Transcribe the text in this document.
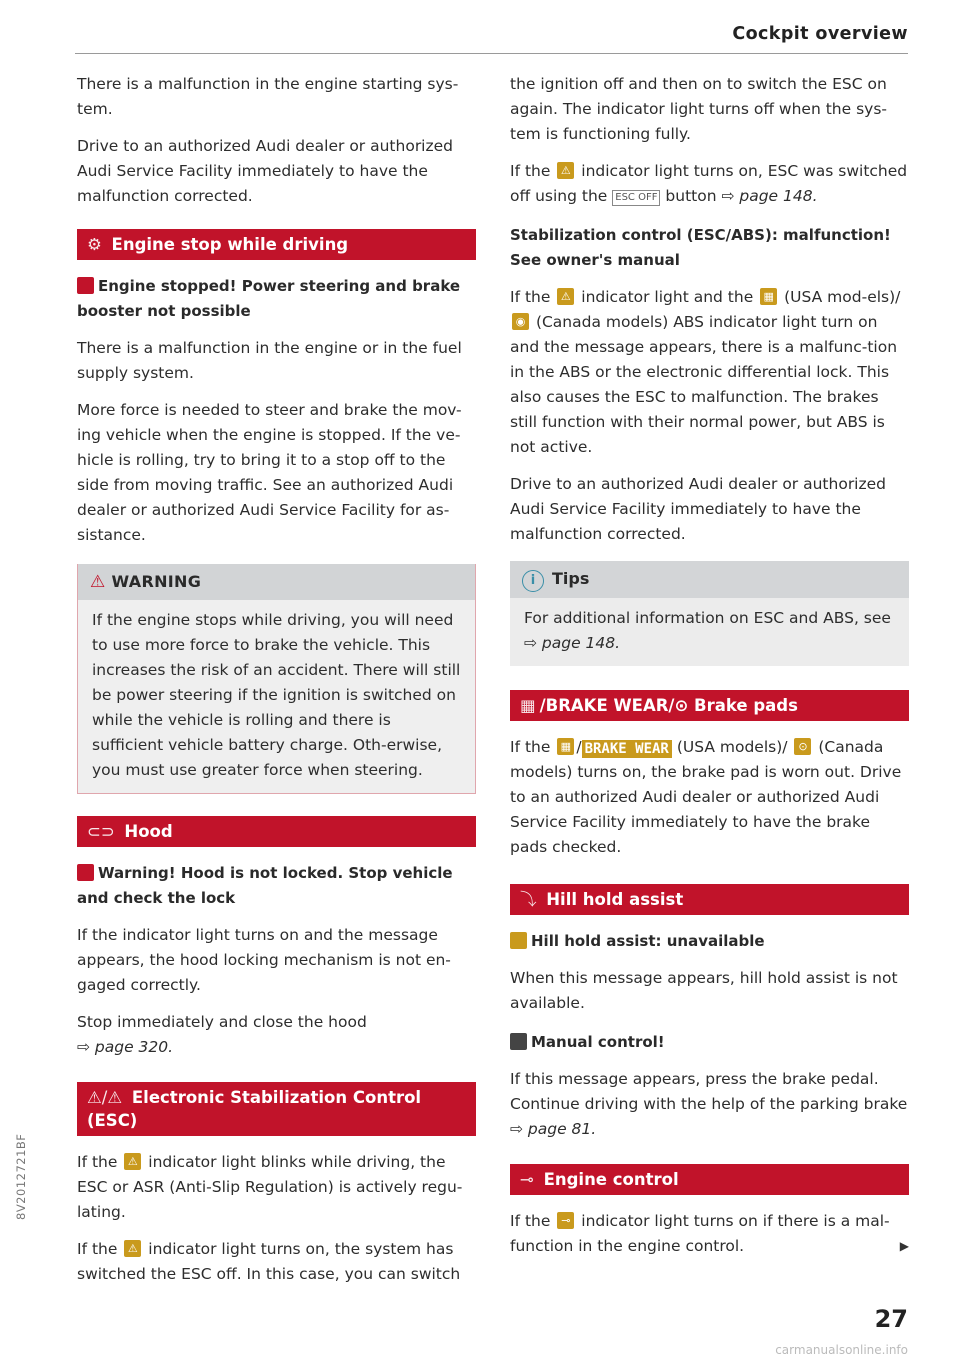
Cockpit overview

There is a malfunction in the engine starting sys-tem.

Drive to an authorized Audi dealer or authorized Audi Service Facility immediately to have the malfunction corrected.

⚙ Engine stop while driving
Engine stopped! Power steering and brake booster not possible

There is a malfunction in the engine or in the fuel supply system.

More force is needed to steer and brake the mov-ing vehicle when the engine is stopped. If the ve-hicle is rolling, try to bring it to a stop off to the side from moving traffic. See an authorized Audi dealer or authorized Audi Service Facility for as-sistance.

⚠ WARNING

If the engine stops while driving, you will need to use more force to brake the vehicle. This increases the risk of an accident. There will still be power steering if the ignition is switched on while the vehicle is rolling and there is sufficient vehicle battery charge. Oth-erwise, you must use greater force when steering.

⊂⊃ Hood
Warning! Hood is not locked. Stop vehicle and check the lock

If the indicator light turns on and the message appears, the hood locking mechanism is not en-gaged correctly.

Stop immediately and close the hood
⇨ page 320.

⚠/⚠ Electronic Stabilization Control (ESC)

If the ⚠ indicator light blinks while driving, the ESC or ASR (Anti-Slip Regulation) is actively regu-lating.

If the ⚠ indicator light turns on, the system has switched the ESC off. In this case, you can switch

the ignition off and then on to switch the ESC on again. The indicator light turns off when the sys-tem is functioning fully.

If the ⚠ indicator light turns on, ESC was switched off using the ESC OFF button ⇨ page 148.

Stabilization control (ESC/ABS): malfunction! See owner's manual

If the ⚠ indicator light and the ▦ (USA mod-els)/
◉ (Canada models) ABS indicator light turn on and the message appears, there is a malfunc-tion in the ABS or the electronic differential lock. This also causes the ESC to malfunction. The brakes still function with their normal power, but ABS is not active.

Drive to an authorized Audi dealer or authorized Audi Service Facility immediately to have the malfunction corrected.

i Tips

For additional information on ESC and ABS, see ⇨ page 148.

▦ /BRAKE WEAR/⊙ Brake pads

If the ▦ / BRAKE WEAR (USA models)/ ⊙ (Canada models) turns on, the brake pad is worn out. Drive to an authorized Audi dealer or authorized Audi Service Facility immediately to have the brake pads checked.

⤵ Hill hold assist
Hill hold assist: unavailable

When this message appears, hill hold assist is not available.

Manual control!

If this message appears, press the brake pedal. Continue driving with the help of the parking brake ⇨ page 81.

⊸ Engine control

If the ⊸ indicator light turns on if there is a mal-function in the engine control.	▶

8V2012721BF
27
carmanualsonline.info
